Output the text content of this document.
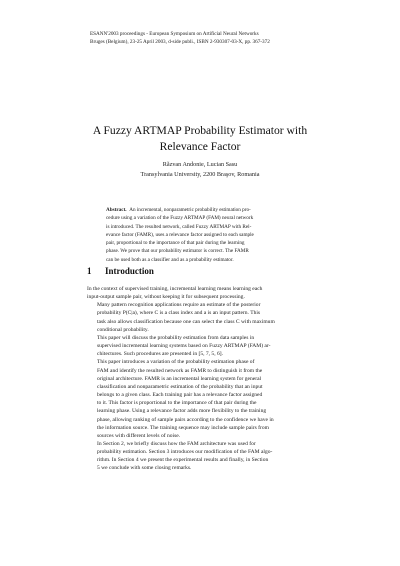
ESANN'2003 proceedings - European Symposium on Artificial Neural Networks
Bruges (Belgium), 23-25 April 2003, d-side publi., ISBN 2-930307-03-X, pp. 367-372
A Fuzzy ARTMAP Probability Estimator with
Relevance Factor
Răzvan Andonie, Lucian Sasu
Transylvania University, 2200 Braşov, Romania
Abstract. An incremental, nonparametric probability estimation pro-
cedure using a variation of the Fuzzy ARTMAP (FAM) neural network
is introduced. The resulted network, called Fuzzy ARTMAP with Rel-
evance factor (FAMR), uses a relevance factor assigned to each sample
pair, proportional to the importance of that pair during the learning
phase. We prove that our probability estimator is correct. The FAMR
can be used both as a classifier and as a probability estimator.
1 Introduction

In the context of supervised training, incremental learning means learning each
input-output sample pair, without keeping it for subsequent processing.

Many pattern recognition applications require an estimate of the posterior
probability P(C|a), where C is a class index and a is an input pattern. This
task also allows classification because one can select the class C with maximum
conditional probability.

This paper will discuss the probability estimation from data samples in
supervised incremental learning systems based on Fuzzy ARTMAP (FAM) ar-
chitectures. Such procedures are presented in [5, 7, 5, 6].

This paper introduces a variation of the probability estimation phase of
FAM and identify the resulted network as FAMR to distinguish it from the
original architecture. FAMR is an incremental learning system for general
classification and nonparametric estimation of the probability that an input
belongs to a given class. Each training pair has a relevance factor assigned
to it. This factor is proportional to the importance of that pair during the
learning phase. Using a relevance factor adds more flexibility to the training
phase, allowing ranking of sample pairs according to the confidence we have in
the information source. The training sequence may include sample pairs from
sources with different levels of noise.

In Section 2, we briefly discuss how the FAM architecture was used for
probability estimation. Section 3 introduces our modification of the FAM algo-
rithm. In Section 4 we present the experimental results and finally, in Section
5 we conclude with some closing remarks.
